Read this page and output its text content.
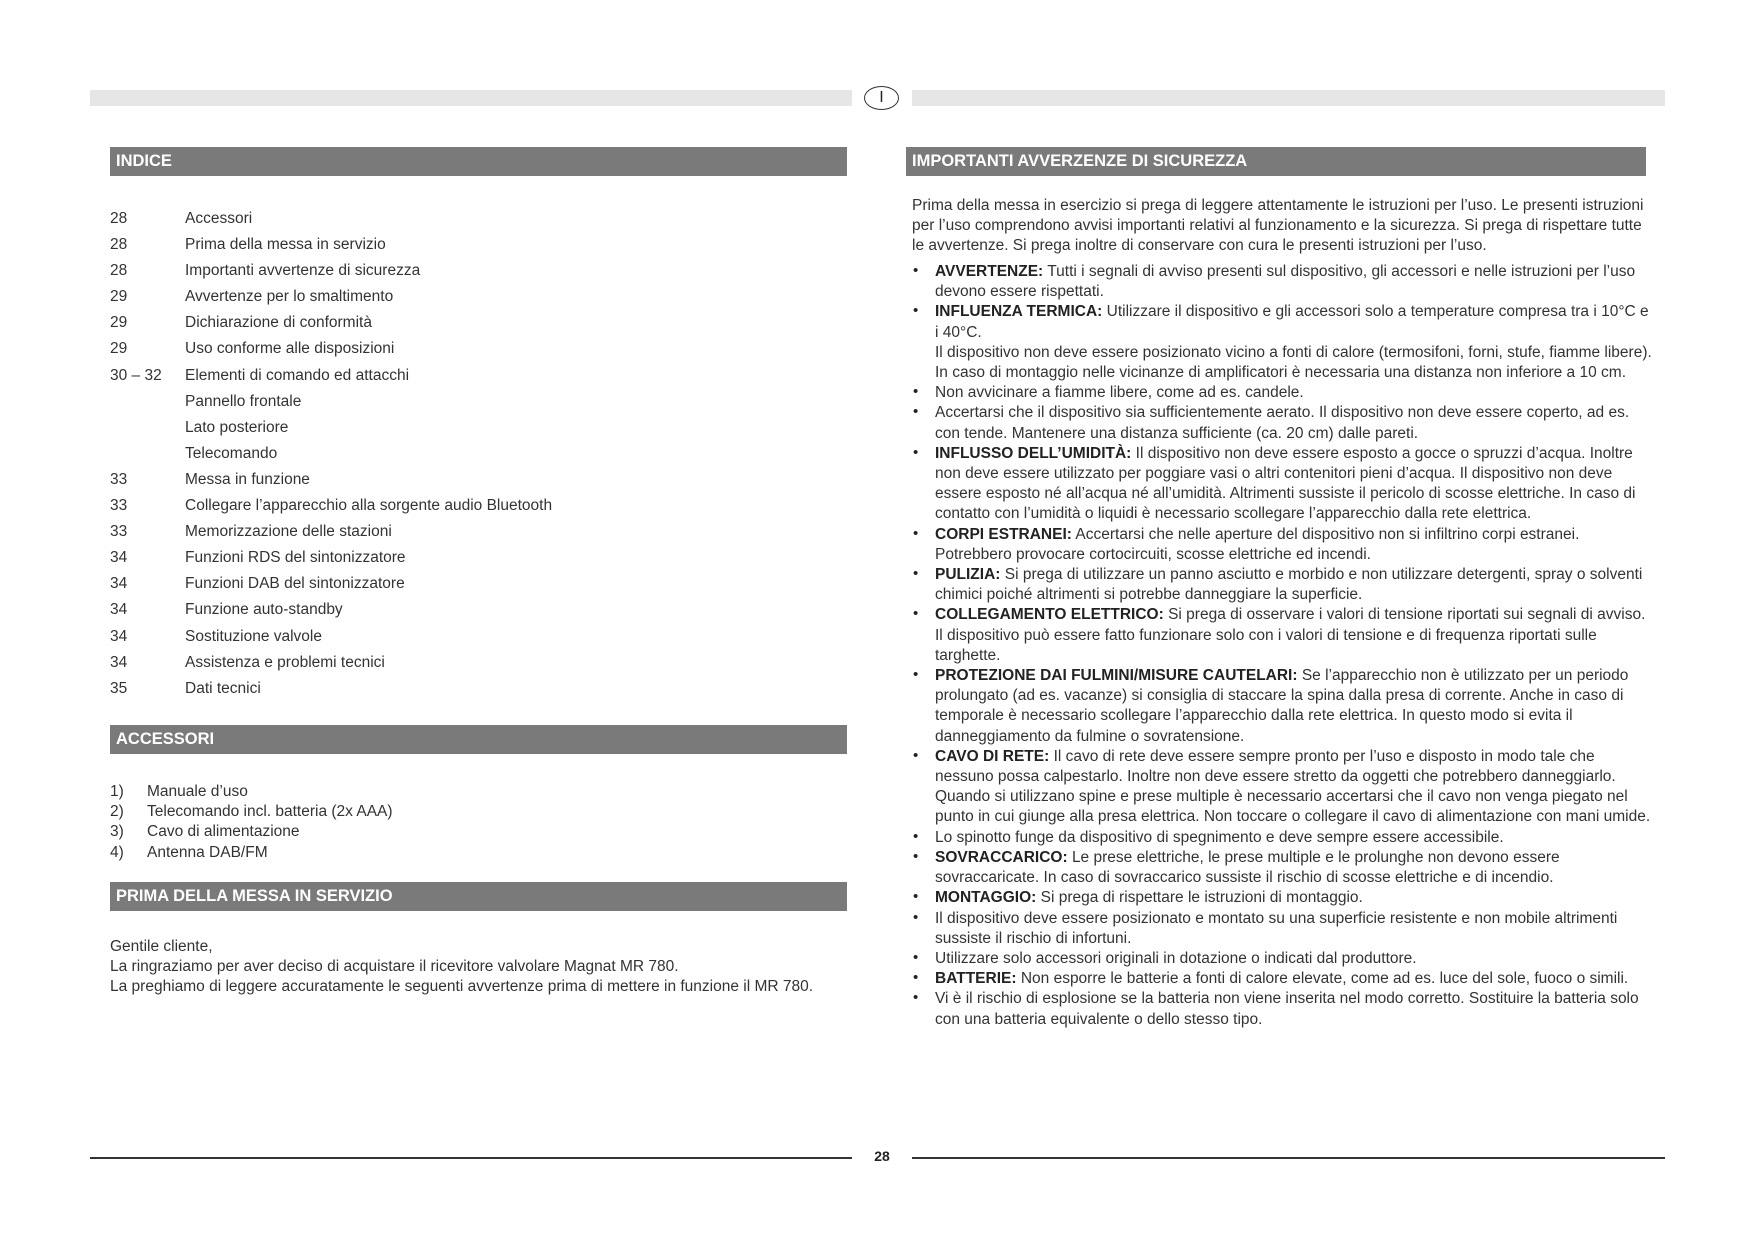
I
INDICE
28	Accessori
28	Prima della messa in servizio
28	Importanti avvertenze di sicurezza
29	Avvertenze per lo smaltimento
29	Dichiarazione di conformità
29	Uso conforme alle disposizioni
30 – 32 Elementi di comando ed attacchi
Pannello frontale
Lato posteriore
Telecomando
33	Messa in funzione
33	Collegare l’apparecchio alla sorgente audio Bluetooth
33	Memorizzazione delle stazioni
34	Funzioni RDS del sintonizzatore
34	Funzioni DAB del sintonizzatore
34	Funzione auto-standby
34	Sostituzione valvole
34	Assistenza e problemi tecnici
35	Dati tecnici
ACCESSORI
1) Manuale d’uso
2) Telecomando incl. batteria (2x AAA)
3) Cavo di alimentazione
4) Antenna DAB/FM
PRIMA DELLA MESSA IN SERVIZIO

Gentile cliente,

La ringraziamo per aver deciso di acquistare il ricevitore valvolare Magnat MR 780.

La preghiamo di leggere accuratamente le seguenti avvertenze prima di mettere in funzione il MR 780.

IMPORTANTI AVVERZENZE DI SICUREZZA

Prima della messa in esercizio si prega di leggere attentamente le istruzioni per l’uso. Le presenti istruzioni per l’uso comprendono avvisi importanti relativi al funzionamento e la sicurezza. Si prega di rispettare tutte le avvertenze. Si prega inoltre di conservare con cura le presenti istruzioni per l’uso.

• AVVERTENZE: Tutti i segnali di avviso presenti sul dispositivo, gli accessori e nelle istruzioni per l’uso devono essere rispettati.
• INFLUENZA TERMICA: Utilizzare il dispositivo e gli accessori solo a temperature compresa tra i 10°C e i 40°C.
Il dispositivo non deve essere posizionato vicino a fonti di calore (termosifoni, forni, stufe, fiamme libere). In caso di montaggio nelle vicinanze di amplificatori è necessaria una distanza non inferiore a 10 cm.
• Non avvicinare a fiamme libere, come ad es. candele.
• Accertarsi che il dispositivo sia sufficientemente aerato. Il dispositivo non deve essere coperto, ad es. con tende. Mantenere una distanza sufficiente (ca. 20 cm) dalle pareti.
• INFLUSSO DELL’UMIDITÀ: Il dispositivo non deve essere esposto a gocce o spruzzi d’acqua. Inoltre non deve essere utilizzato per poggiare vasi o altri contenitori pieni d’acqua. Il dispositivo non deve essere esposto né all’acqua né all’umidità. Altrimenti sussiste il pericolo di scosse elettriche. In caso di contatto con l’umidità o liquidi è necessario scollegare l’apparecchio dalla rete elettrica.
• CORPI ESTRANEI: Accertarsi che nelle aperture del dispositivo non si infiltrino corpi estranei. Potrebbero provocare cortocircuiti, scosse elettriche ed incendi.
• PULIZIA: Si prega di utilizzare un panno asciutto e morbido e non utilizzare detergenti, spray o solventi chimici poiché altrimenti si potrebbe danneggiare la superficie.
• COLLEGAMENTO ELETTRICO: Si prega di osservare i valori di tensione riportati sui segnali di avviso. Il dispositivo può essere fatto funzionare solo con i valori di tensione e di frequenza riportati sulle targhette.
• PROTEZIONE DAI FULMINI/MISURE CAUTELARI: Se l’apparecchio non è utilizzato per un periodo prolungato (ad es. vacanze) si consiglia di staccare la spina dalla presa di corrente. Anche in caso di temporale è necessario scollegare l’apparecchio dalla rete elettrica. In questo modo si evita il danneggiamento da fulmine o sovratensione.
• CAVO DI RETE: Il cavo di rete deve essere sempre pronto per l’uso e disposto in modo tale che nessuno possa calpestarlo. Inoltre non deve essere stretto da oggetti che potrebbero danneggiarlo. Quando si utilizzano spine e prese multiple è necessario accertarsi che il cavo non venga piegato nel punto in cui giunge alla presa elettrica. Non toccare o collegare il cavo di alimentazione con mani umide.
• Lo spinotto funge da dispositivo di spegnimento e deve sempre essere accessibile.
• SOVRACCARICO: Le prese elettriche, le prese multiple e le prolunghe non devono essere sovraccaricate. In caso di sovraccarico sussiste il rischio di scosse elettriche e di incendio.
• MONTAGGIO: Si prega di rispettare le istruzioni di montaggio.
• Il dispositivo deve essere posizionato e montato su una superficie resistente e non mobile altrimenti sussiste il rischio di infortuni.
• Utilizzare solo accessori originali in dotazione o indicati dal produttore.
• BATTERIE: Non esporre le batterie a fonti di calore elevate, come ad es. luce del sole, fuoco o simili.
• Vi è il rischio di esplosione se la batteria non viene inserita nel modo corretto. Sostituire la batteria solo con una batteria equivalente o dello stesso tipo.
28
